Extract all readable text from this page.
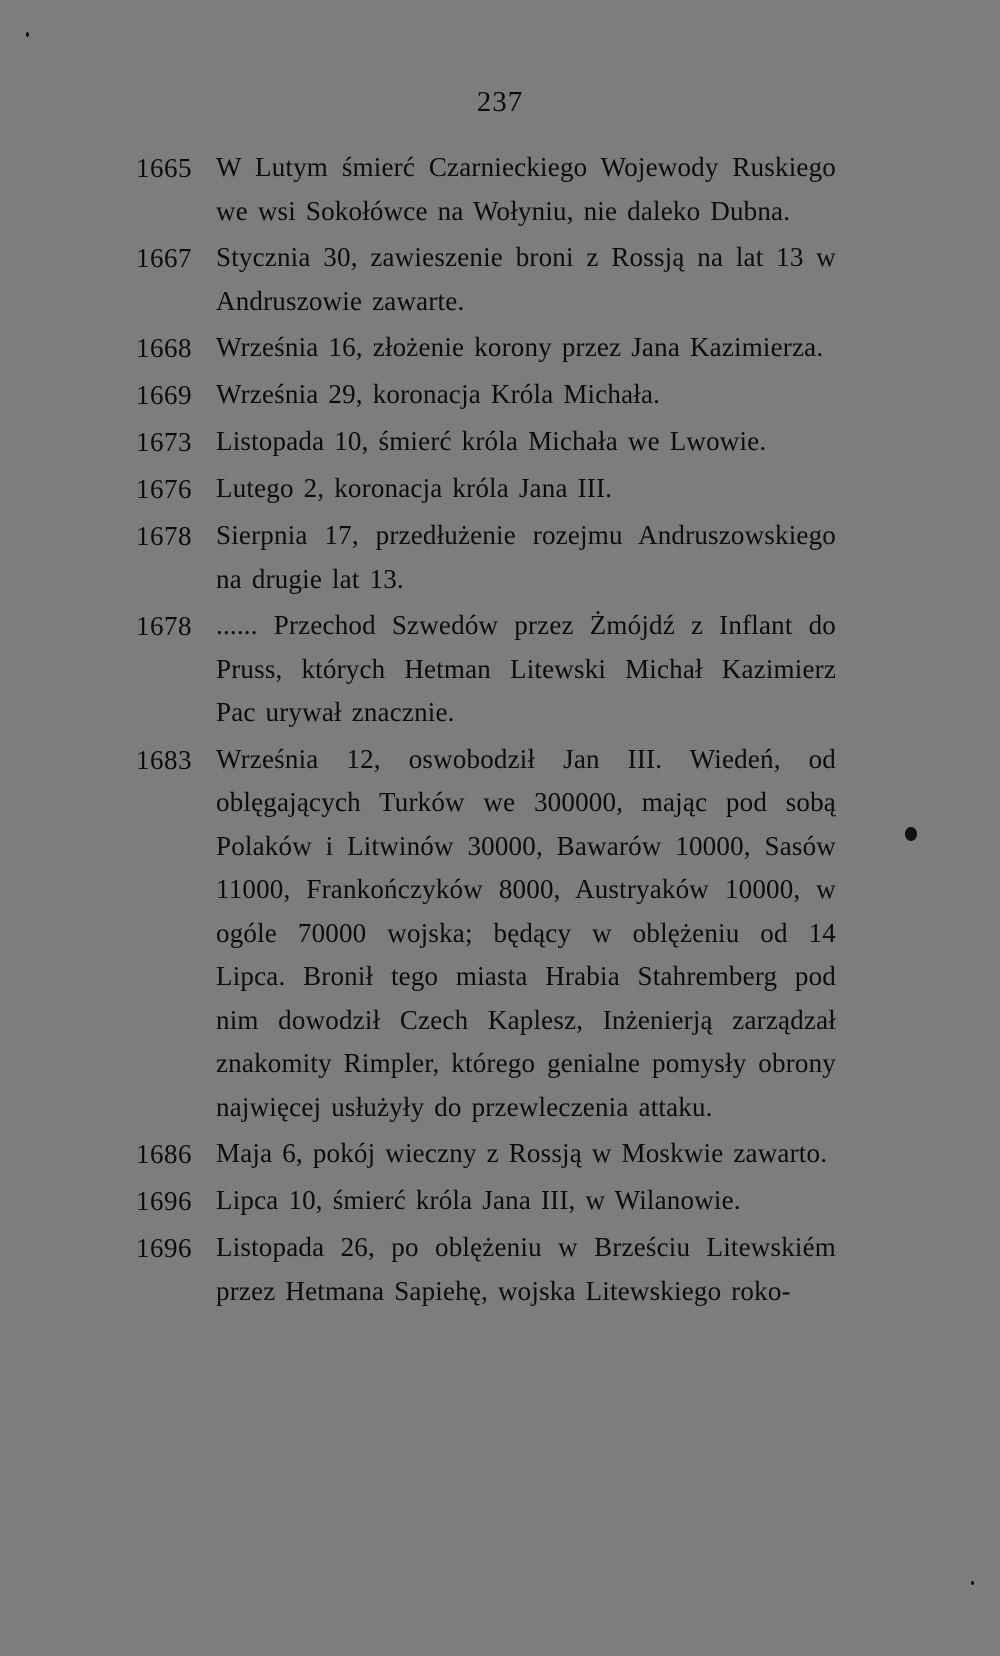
237
1665 W Lutym śmierć Czarnieckiego Wojewody Ruskiego we wsi Sokołówce na Wołyniu, nie daleko Dubna.
1667 Stycznia 30, zawieszenie broni z Rossją na lat 13 w Andruszowie zawarte.
1668 Września 16, złożenie korony przez Jana Kazimierza.
1669 Września 29, koronacja Króla Michała.
1673 Listopada 10, śmierć króla Michała we Lwowie.
1676 Lutego 2, koronacja króla Jana III.
1678 Sierpnia 17, przedłużenie rozejmu Andruszowskiego na drugie lat 13.
1678 ...... Przechod Szwedów przez Żmójdź z Inflant do Pruss, których Hetman Litewski Michał Kazimierz Pac urywał znacznie.
1683 Września 12, oswobodził Jan III. Wiedeń, od oblęgających Turków we 300000, mając pod sobą Polaków i Litwinów 30000, Bawarów 10000, Sasów 11000, Frankończyków 8000, Austryaków 10000, w ogóle 70000 wojska; będący w oblężeniu od 14 Lipca. Bronił tego miasta Hrabia Stahremberg pod nim dowodził Czech Kaplesz, Inżenierją zarządzał znakomity Rimpler, którego genialne pomysły obrony najwięcej usłużyły do przewleczenia attaku.
1686 Maja 6, pokój wieczny z Rossją w Moskwie zawarto.
1696 Lipca 10, śmierć króla Jana III, w Wilanowie.
1696 Listopada 26, po oblężeniu w Brześciu Litewskiém przez Hetmana Sapiehę, wojska Litewskiego roko-
